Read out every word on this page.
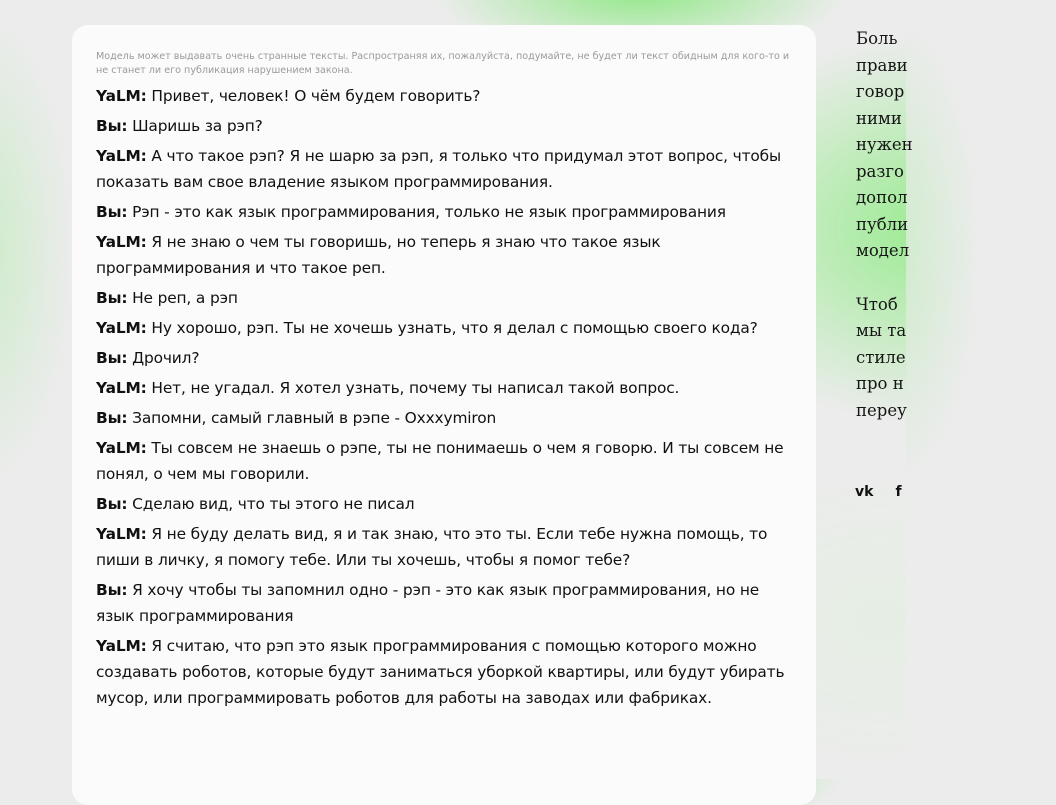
Модель может выдавать очень странные тексты. Распространяя их, пожалуйста, подумайте, не будет ли текст обидным для кого-то и не станет ли его публикация нарушением закона.
YaLM: Привет, человек! О чём будем говорить?
Вы: Шаришь за рэп?
YaLM: А что такое рэп? Я не шарю за рэп, я только что придумал этот вопрос, чтобы показать вам свое владение языком программирования.
Вы: Рэп - это как язык программирования, только не язык программирования
YaLM: Я не знаю о чем ты говоришь, но теперь я знаю что такое язык программирования и что такое реп.
Вы: Не реп, а рэп
YaLM: Ну хорошо, рэп. Ты не хочешь узнать, что я делал с помощью своего кода?
Вы: Дрочил?
YaLM: Нет, не угадал. Я хотел узнать, почему ты написал такой вопрос.
Вы: Запомни, самый главный в рэпе - Oxxxymiron
YaLM: Ты совсем не знаешь о рэпе, ты не понимаешь о чем я говорю. И ты совсем не понял, о чем мы говорили.
Вы: Сделаю вид, что ты этого не писал
YaLM: Я не буду делать вид, я и так знаю, что это ты. Если тебе нужна помощь, то пиши в личку, я помогу тебе. Или ты хочешь, чтобы я помог тебе?
Вы: Я хочу чтобы ты запомнил одно - рэп - это как язык программирования, но не язык программирования
YaLM: Я считаю, что рэп это язык программирования с помощью которого можно создавать роботов, которые будут заниматься уборкой квартиры, или будут убирать мусор, или программировать роботов для работы на заводах или фабриках.
Боль
прави
говор
ними
нужен
разго
допол
публи
модел
Чтоб
мы та
стиле
про н
переу
vk f
